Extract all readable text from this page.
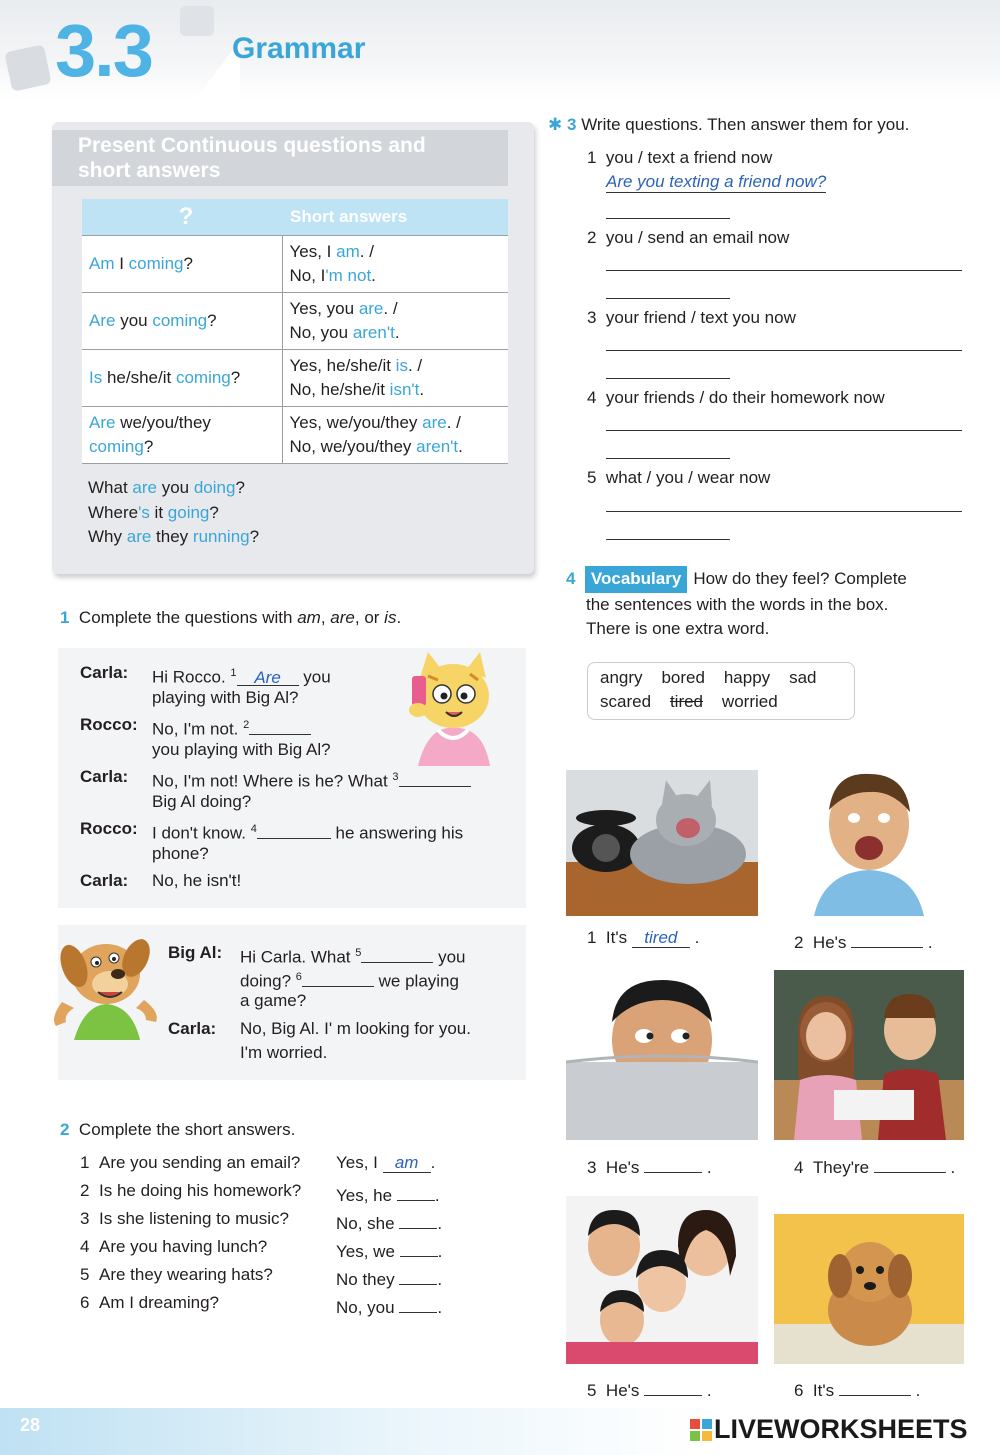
3.3	Grammar
Present Continuous questions and short answers
?	Short answers
Am I coming?	Yes, I am. /
No, I'm not.
Are you coming?	Yes, you are. /
No, you aren't.
Is he/she/it coming?	Yes, he/she/it is. /
No, he/she/it isn't.
Are we/you/they
coming?	Yes, we/you/they are. /
No, we/you/they aren't.
What are you doing?
Where's it going?
Why are they running?
1 Complete the questions with am, are, or is.
Carla: Hi Rocco. $^1$ Are you
playing with Big Al?
Rocco: No, I'm not. $^2$
you playing with Big Al?
Carla: No, I'm not! Where is he? What $^3$
Big Al doing?
Rocco: I don't know. $^4$	he answering his
phone?
Carla: No, he isn't!
Big Al: Hi Carla. What $^5$	you
doing? $^6$	we playing
a game?
Carla: No, Big Al. I' m looking for you.
I'm worried.
2 Complete the short answers.
1 Are you sending an email? Yes, I am .
2 Is he doing his homework? Yes, he .
3 Is she listening to music?	No, she .
4 Are you having lunch?	Yes, we .
5 Are they wearing hats?	No they .
6 Am I dreaming?	No, you .
✱ 3 Write questions. Then answer them for you.
1 you / text a friend now
Are you texting a friend now?
2 you / send an email now
3 your friend / text you now
4 your friends / do their homework now
5 what / you / wear now
4 Vocabulary How do they feel? Complete
the sentences with the words in the box.
There is one extra word.
angry bored happy sad
scared tired worried
1 It's tired .	2 He's	.
3 He's	.	4 They're	.
5 He's	.	6 It's	.
28	LIVEWORKSHEETS
